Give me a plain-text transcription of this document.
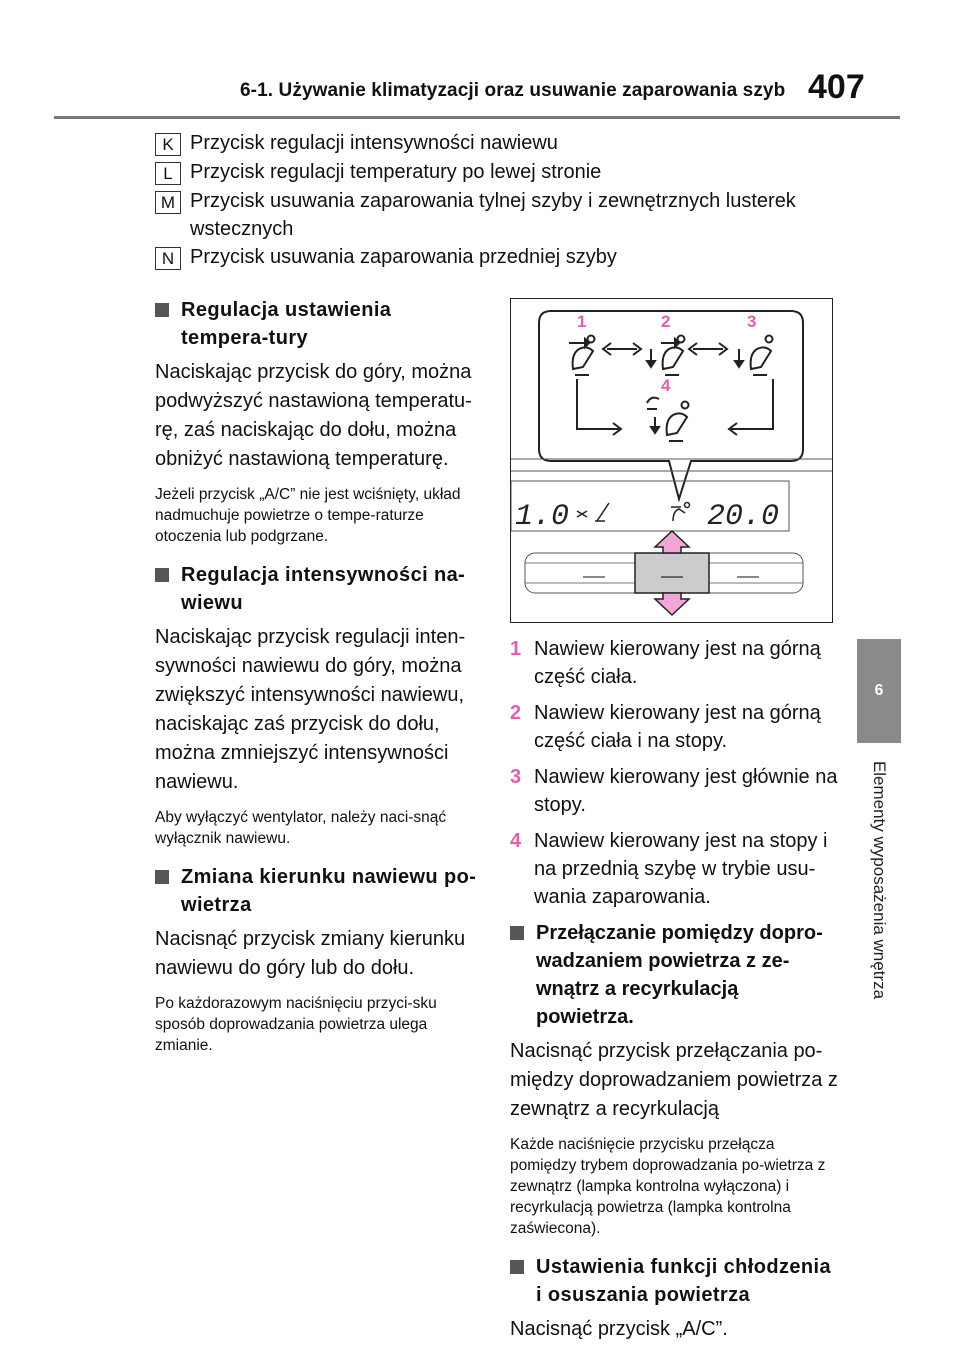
6-1. Używanie klimatyzacji oraz usuwanie zaparowania szyb 407
6
Elementy wyposażenia wnętrza
K Przycisk regulacji intensywności nawiewu
L Przycisk regulacji temperatury po lewej stronie
M Przycisk usuwania zaparowania tylnej szyby i zewnętrznych lusterek wstecznych
N Przycisk usuwania zaparowania przedniej szyby
Regulacja ustawienia tempera-tury
Naciskając przycisk do góry, można podwyższyć nastawioną temperatu-rę, zaś naciskając do dołu, można obniżyć nastawioną temperaturę.
Jeżeli przycisk „A/C” nie jest wciśnięty, układ nadmuchuje powietrze o tempe-raturze otoczenia lub podgrzane.
Regulacja intensywności na-wiewu
Naciskając przycisk regulacji inten-sywności nawiewu do góry, można zwiększyć intensywności nawiewu, naciskając zaś przycisk do dołu, można zmniejszyć intensywności nawiewu.
Aby wyłączyć wentylator, należy naci-snąć wyłącznik nawiewu.
Zmiana kierunku nawiewu po-wietrza
Nacisnąć przycisk zmiany kierunku nawiewu do góry lub do dołu.
Po każdorazowym naciśnięciu przyci-sku sposób doprowadzania powietrza ulega zmianie.
1	2	3
4
1.0	20.0
1 Nawiew kierowany jest na górną część ciała.
2 Nawiew kierowany jest na górną część ciała i na stopy.
3 Nawiew kierowany jest głównie na stopy.
4 Nawiew kierowany jest na stopy i na przednią szybę w trybie usu-wania zaparowania.
Przełączanie pomiędzy dopro-wadzaniem powietrza z ze-wnątrz a recyrkulacją powietrza.
Nacisnąć przycisk przełączania po-między doprowadzaniem powietrza z zewnątrz a recyrkulacją
Każde naciśnięcie przycisku przełącza pomiędzy trybem doprowadzania po-wietrza z zewnątrz (lampka kontrolna wyłączona) i recyrkulacją powietrza (lampka kontrolna zaświecona).
Ustawienia funkcji chłodzenia i osuszania powietrza
Nacisnąć przycisk „A/C”.
